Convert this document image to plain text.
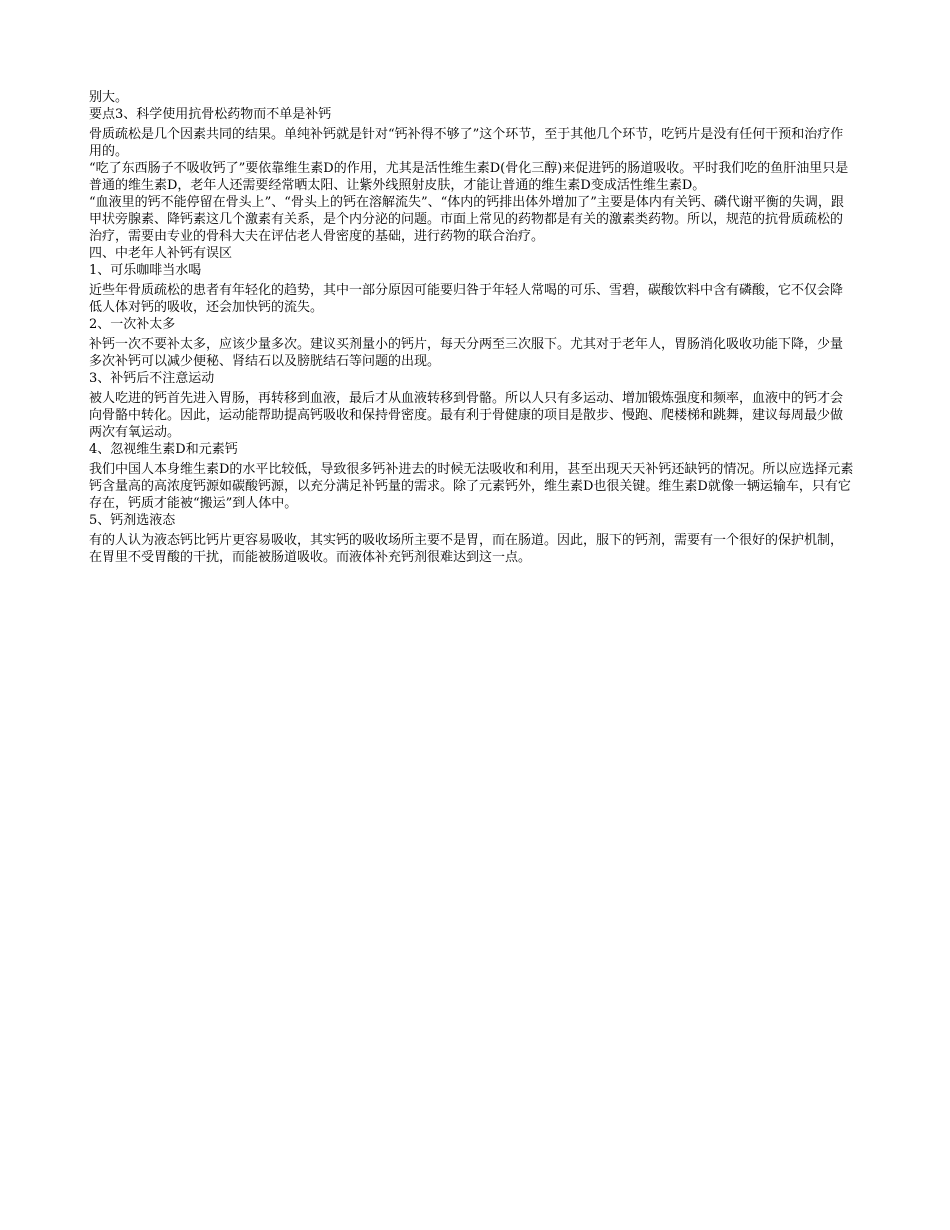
别大。

要点3、科学使用抗骨松药物而不单是补钙

骨质疏松是几个因素共同的结果。单纯补钙就是针对“钙补得不够了”这个环节，至于其他几个环节，吃钙片是没有任何干预和治疗作用的。

“吃了东西肠子不吸收钙了”要依靠维生素D的作用，尤其是活性维生素D(骨化三醇)来促进钙的肠道吸收。平时我们吃的鱼肝油里只是普通的维生素D，老年人还需要经常晒太阳、让紫外线照射皮肤，才能让普通的维生素D变成活性维生素D。

“血液里的钙不能停留在骨头上”、“骨头上的钙在溶解流失”、“体内的钙排出体外增加了”主要是体内有关钙、磷代谢平衡的失调，跟甲状旁腺素、降钙素这几个激素有关系，是个内分泌的问题。市面上常见的药物都是有关的激素类药物。所以，规范的抗骨质疏松的治疗，需要由专业的骨科大夫在评估老人骨密度的基础，进行药物的联合治疗。

四、中老年人补钙有误区

1、可乐咖啡当水喝

近些年骨质疏松的患者有年轻化的趋势，其中一部分原因可能要归咎于年轻人常喝的可乐、雪碧，碳酸饮料中含有磷酸，它不仅会降低人体对钙的吸收，还会加快钙的流失。

2、一次补太多

补钙一次不要补太多，应该少量多次。建议买剂量小的钙片，每天分两至三次服下。尤其对于老年人，胃肠消化吸收功能下降，少量多次补钙可以减少便秘、肾结石以及膀胱结石等问题的出现。

3、补钙后不注意运动

被人吃进的钙首先进入胃肠，再转移到血液，最后才从血液转移到骨骼。所以人只有多运动、增加锻炼强度和频率，血液中的钙才会向骨骼中转化。因此，运动能帮助提高钙吸收和保持骨密度。最有利于骨健康的项目是散步、慢跑、爬楼梯和跳舞，建议每周最少做两次有氧运动。

4、忽视维生素D和元素钙

我们中国人本身维生素D的水平比较低，导致很多钙补进去的时候无法吸收和利用，甚至出现天天补钙还缺钙的情况。所以应选择元素钙含量高的高浓度钙源如碳酸钙源，以充分满足补钙量的需求。除了元素钙外，维生素D也很关键。维生素D就像一辆运输车，只有它存在，钙质才能被“搬运”到人体中。

5、钙剂选液态

有的人认为液态钙比钙片更容易吸收，其实钙的吸收场所主要不是胃，而在肠道。因此，服下的钙剂，需要有一个很好的保护机制，在胃里不受胃酸的干扰，而能被肠道吸收。而液体补充钙剂很难达到这一点。
